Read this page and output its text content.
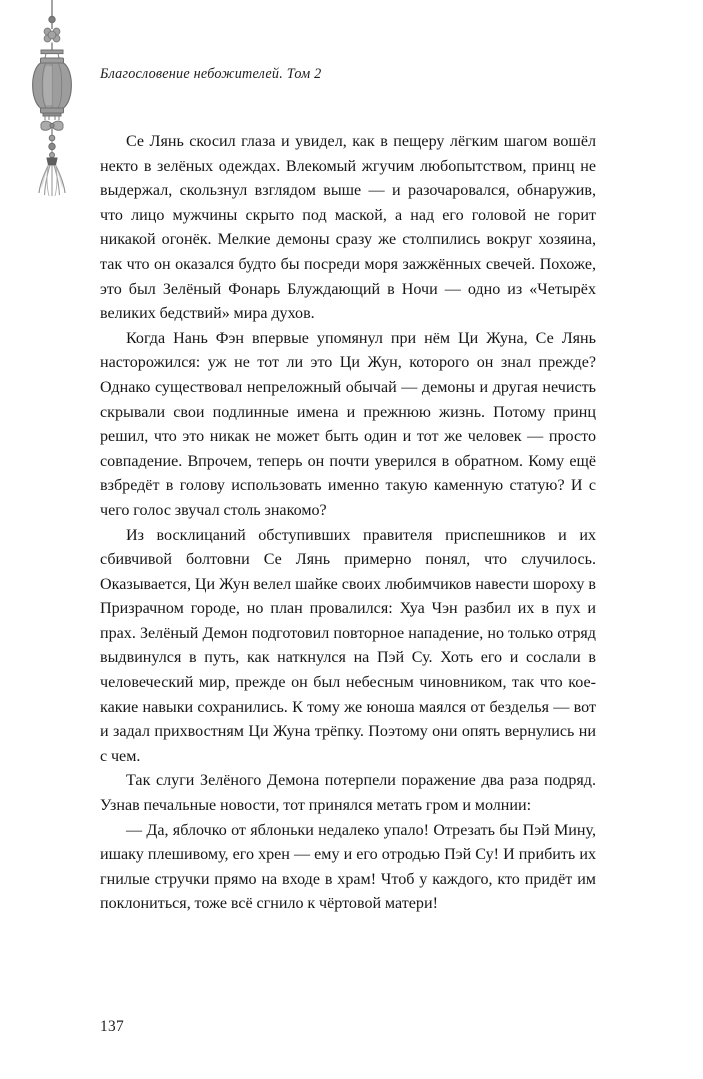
Благословение небожителей. Том 2

Се Лянь скосил глаза и увидел, как в пещеру лёгким шагом вошёл некто в зелёных одеждах. Влекомый жгучим любопытством, принц не выдержал, скользнул взглядом выше — и разочаровался, обнаружив, что лицо мужчины скрыто под маской, а над его головой не горит никакой огонёк. Мелкие демоны сразу же столпились вокруг хозяина, так что он оказался будто бы посреди моря зажжённых свечей. Похоже, это был Зелёный Фонарь Блуждающий в Ночи — одно из «Четырёх великих бедствий» мира духов.

Когда Нань Фэн впервые упомянул при нём Ци Жуна, Се Лянь насторожился: уж не тот ли это Ци Жун, которого он знал прежде? Однако существовал непреложный обычай — демоны и другая нечисть скрывали свои подлинные имена и прежнюю жизнь. Потому принц решил, что это никак не может быть один и тот же человек — просто совпадение. Впрочем, теперь он почти уверился в обратном. Кому ещё взбредёт в голову использовать именно такую каменную статую? И с чего голос звучал столь знакомо?

Из восклицаний обступивших правителя приспешников и их сбивчивой болтовни Се Лянь примерно понял, что случилось. Оказывается, Ци Жун велел шайке своих любимчиков навести шороху в Призрачном городе, но план провалился: Хуа Чэн разбил их в пух и прах. Зелёный Демон подготовил повторное нападение, но только отряд выдвинулся в путь, как наткнулся на Пэй Су. Хоть его и сослали в человеческий мир, прежде он был небесным чиновником, так что кое-какие навыки сохранились. К тому же юноша маялся от безделья — вот и задал прихвостням Ци Жуна трёпку. Поэтому они опять вернулись ни с чем.

Так слуги Зелёного Демона потерпели поражение два раза подряд. Узнав печальные новости, тот принялся метать гром и молнии:

— Да, яблочко от яблоньки недалеко упало! Отрезать бы Пэй Мину, ишаку плешивому, его хрен — ему и его отродью Пэй Су! И прибить их гнилые стручки прямо на входе в храм! Чтоб у каждого, кто придёт им поклониться, тоже всё сгнило к чёртовой матери!

137
